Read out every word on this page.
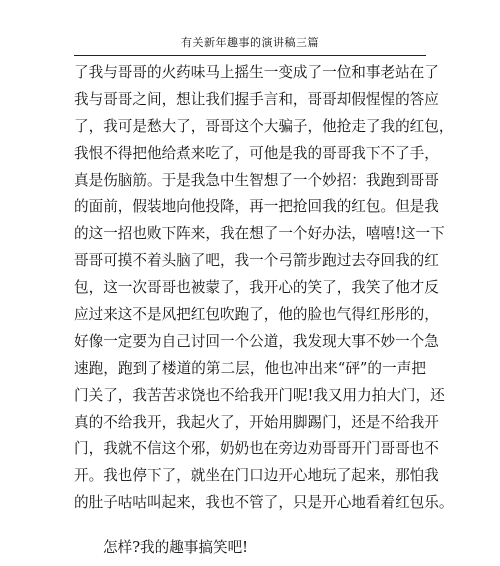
有关新年趣事的演讲稿三篇
了我与哥哥的火药味马上摇生一变成了一位和事老站在了
我与哥哥之间，想让我们握手言和，哥哥却假惺惺的答应
了，我可是愁大了，哥哥这个大骗子，他抢走了我的红包，
我恨不得把他给煮来吃了，可他是我的哥哥我下不了手，
真是伤脑筋。于是我急中生智想了一个妙招：我跑到哥哥
的面前，假装地向他投降，再一把抢回我的红包。但是我
的这一招也败下阵来，我在想了一个好办法，嘻嘻!这一下
哥哥可摸不着头脑了吧，我一个弓箭步跑过去夺回我的红
包，这一次哥哥也被蒙了，我开心的笑了，我笑了他才反
应过来这不是风把红包吹跑了，他的脸也气得红彤彤的，
好像一定要为自己讨回一个公道，我发现大事不妙一个急
速跑，跑到了楼道的第二层，他也冲出来“砰”的一声把
门关了，我苦苦求饶也不给我开门呢!我又用力拍大门，还
真的不给我开，我起火了，开始用脚踢门，还是不给我开
门，我就不信这个邪，奶奶也在旁边劝哥哥开门哥哥也不
开。我也停下了，就坐在门口边开心地玩了起来，那怕我
的肚子咕咕叫起来，我也不管了，只是开心地看着红包乐。
怎样?我的趣事搞笑吧!
